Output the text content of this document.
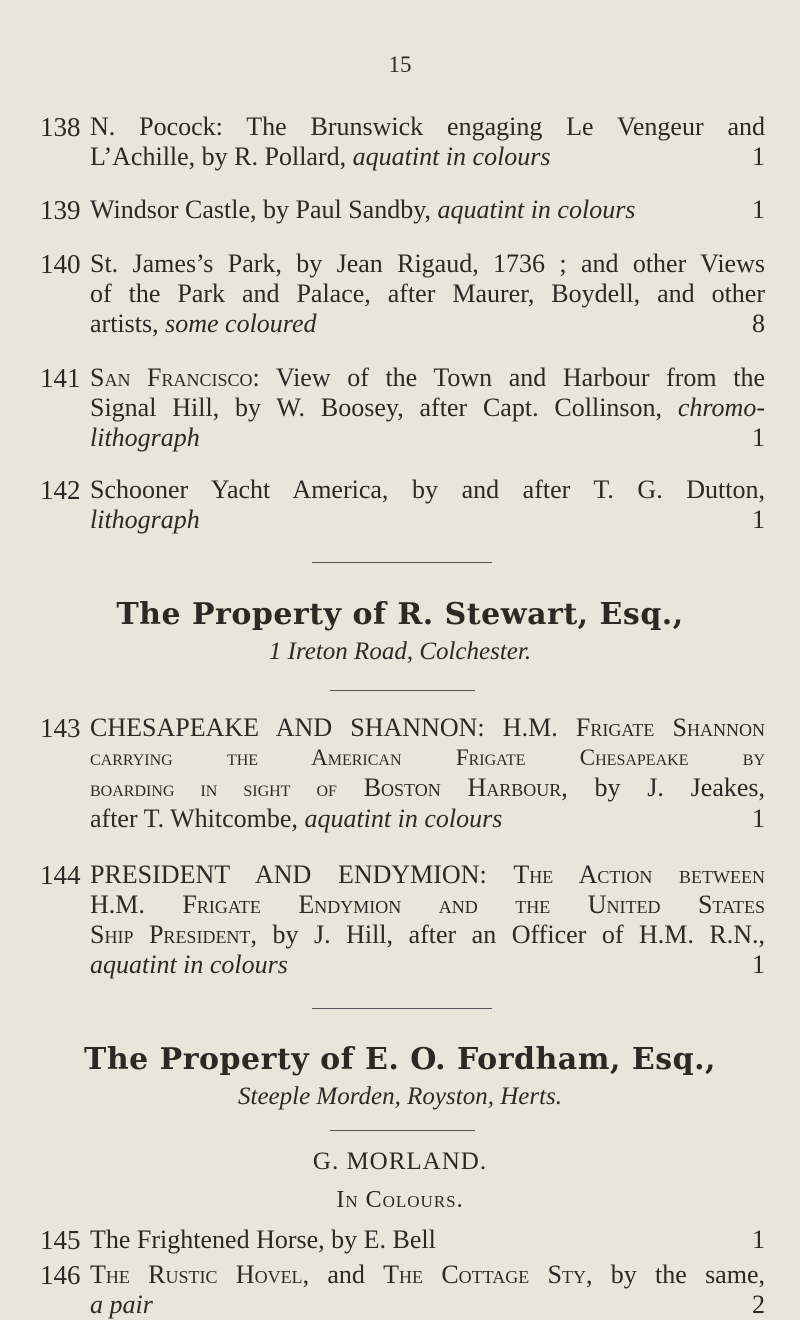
15
138 N. Pocock: The Brunswick engaging Le Vengeur and
L’Achille, by R. Pollard, aquatint in colours	1
139 Windsor Castle, by Paul Sandby, aquatint in colours	1
140 St. James’s Park, by Jean Rigaud, 1736 ; and other Views
of the Park and Palace, after Maurer, Boydell, and other
artists, some coloured	8
141 San Francisco: View of the Town and Harbour from the
Signal Hill, by W. Boosey, after Capt. Collinson, chromo-
lithograph	1
142 Schooner Yacht America, by and after T. G. Dutton,
lithograph	1
The Property of R. Stewart, Esq.,
1 Ireton Road, Colchester.
143 CHESAPEAKE AND SHANNON: H.M. Frigate Shannon
carrying the American Frigate Chesapeake by
boarding in sight of Boston Harbour, by J. Jeakes,
after T. Whitcombe, aquatint in colours	1
144 PRESIDENT AND ENDYMION: The Action between
H.M. Frigate Endymion and the United States
Ship President, by J. Hill, after an Officer of H.M. R.N.,
aquatint in colours	1
The Property of E. O. Fordham, Esq.,
Steeple Morden, Royston, Herts.
G. MORLAND.
In Colours.
145 The Frightened Horse, by E. Bell	1
146 The Rustic Hovel, and The Cottage Sty, by the same,
a pair	2
